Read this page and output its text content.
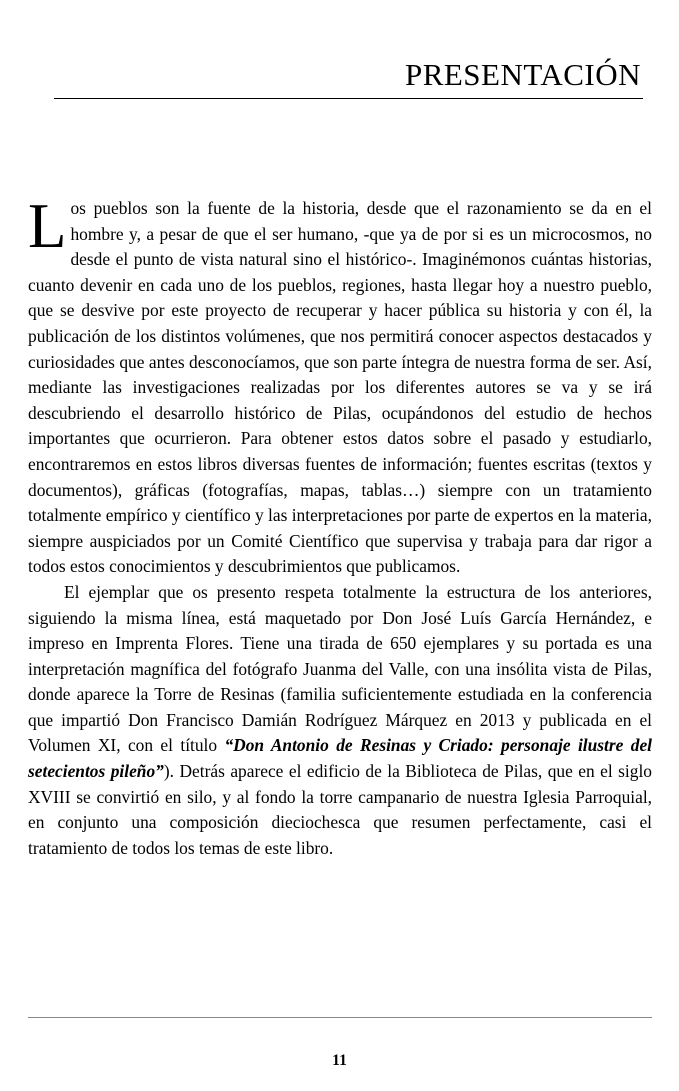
PRESENTACIÓN

Los pueblos son la fuente de la historia, desde que el razonamiento se da en el hombre y, a pesar de que el ser humano, -que ya de por si es un microcosmos, no desde el punto de vista natural sino el histórico-. Imaginémonos cuántas historias, cuanto devenir en cada uno de los pueblos, regiones, hasta llegar hoy a nuestro pueblo, que se desvive por este proyecto de recuperar y hacer pública su historia y con él, la publicación de los distintos volúmenes, que nos permitirá conocer aspectos destacados y curiosidades que antes desconocíamos, que son parte íntegra de nuestra forma de ser. Así, mediante las investigaciones realizadas por los diferentes autores se va y se irá descubriendo el desarrollo histórico de Pilas, ocupándonos del estudio de hechos importantes que ocurrieron. Para obtener estos datos sobre el pasado y estudiarlo, encontraremos en estos libros diversas fuentes de información; fuentes escritas (textos y documentos), gráficas (fotografías, mapas, tablas…) siempre con un tratamiento totalmente empírico y científico y las interpretaciones por parte de expertos en la materia, siempre auspiciados por un Comité Científico que supervisa y trabaja para dar rigor a todos estos conocimientos y descubrimientos que publicamos.

El ejemplar que os presento respeta totalmente la estructura de los anteriores, siguiendo la misma línea, está maquetado por Don José Luís García Hernández, e impreso en Imprenta Flores. Tiene una tirada de 650 ejemplares y su portada es una interpretación magnífica del fotógrafo Juanma del Valle, con una insólita vista de Pilas, donde aparece la Torre de Resinas (familia suficientemente estudiada en la conferencia que impartió Don Francisco Damián Rodríguez Márquez en 2013 y publicada en el Volumen XI, con el título “Don Antonio de Resinas y Criado: personaje ilustre del setecientos pileño”). Detrás aparece el edificio de la Biblioteca de Pilas, que en el siglo XVIII se convirtió en silo, y al fondo la torre campanario de nuestra Iglesia Parroquial, en conjunto una composición dieciochesca que resumen perfectamente, casi el tratamiento de todos los temas de este libro.

11
